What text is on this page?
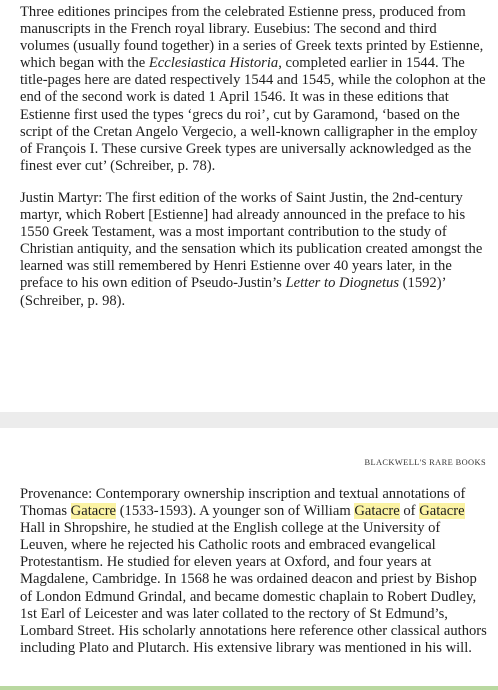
Three editiones principes from the celebrated Estienne press, produced from manuscripts in the French royal library. Eusebius: The second and third volumes (usually found together) in a series of Greek texts printed by Estienne, which began with the Ecclesiastica Historia, completed earlier in 1544. The title-pages here are dated respectively 1544 and 1545, while the colophon at the end of the second work is dated 1 April 1546. It was in these editions that Estienne first used the types ‘grecs du roi’, cut by Garamond, ‘based on the script of the Cretan Angelo Vergecio, a well-known calligrapher in the employ of François I. These cursive Greek types are universally acknowledged as the finest ever cut’ (Schreiber, p. 78).

Justin Martyr: The first edition of the works of Saint Justin, the 2nd-century martyr, which Robert [Estienne] had already announced in the preface to his 1550 Greek Testament, was a most important contribution to the study of Christian antiquity, and the sensation which its publication created amongst the learned was still remembered by Henri Estienne over 40 years later, in the preface to his own edition of Pseudo-Justin’s Letter to Diognetus (1592)’ (Schreiber, p. 98).

BLACKWELL'S RARE BOOKS

Provenance: Contemporary ownership inscription and textual annotations of Thomas Gatacre (1533-1593). A younger son of William Gatacre of Gatacre Hall in Shropshire, he studied at the English college at the University of Leuven, where he rejected his Catholic roots and embraced evangelical Protestantism. He studied for eleven years at Oxford, and four years at Magdalene, Cambridge. In 1568 he was ordained deacon and priest by Bishop of London Edmund Grindal, and became domestic chaplain to Robert Dudley, 1st Earl of Leicester and was later collated to the rectory of St Edmund’s, Lombard Street. His scholarly annotations here reference other classical authors including Plato and Plutarch. His extensive library was mentioned in his will.
